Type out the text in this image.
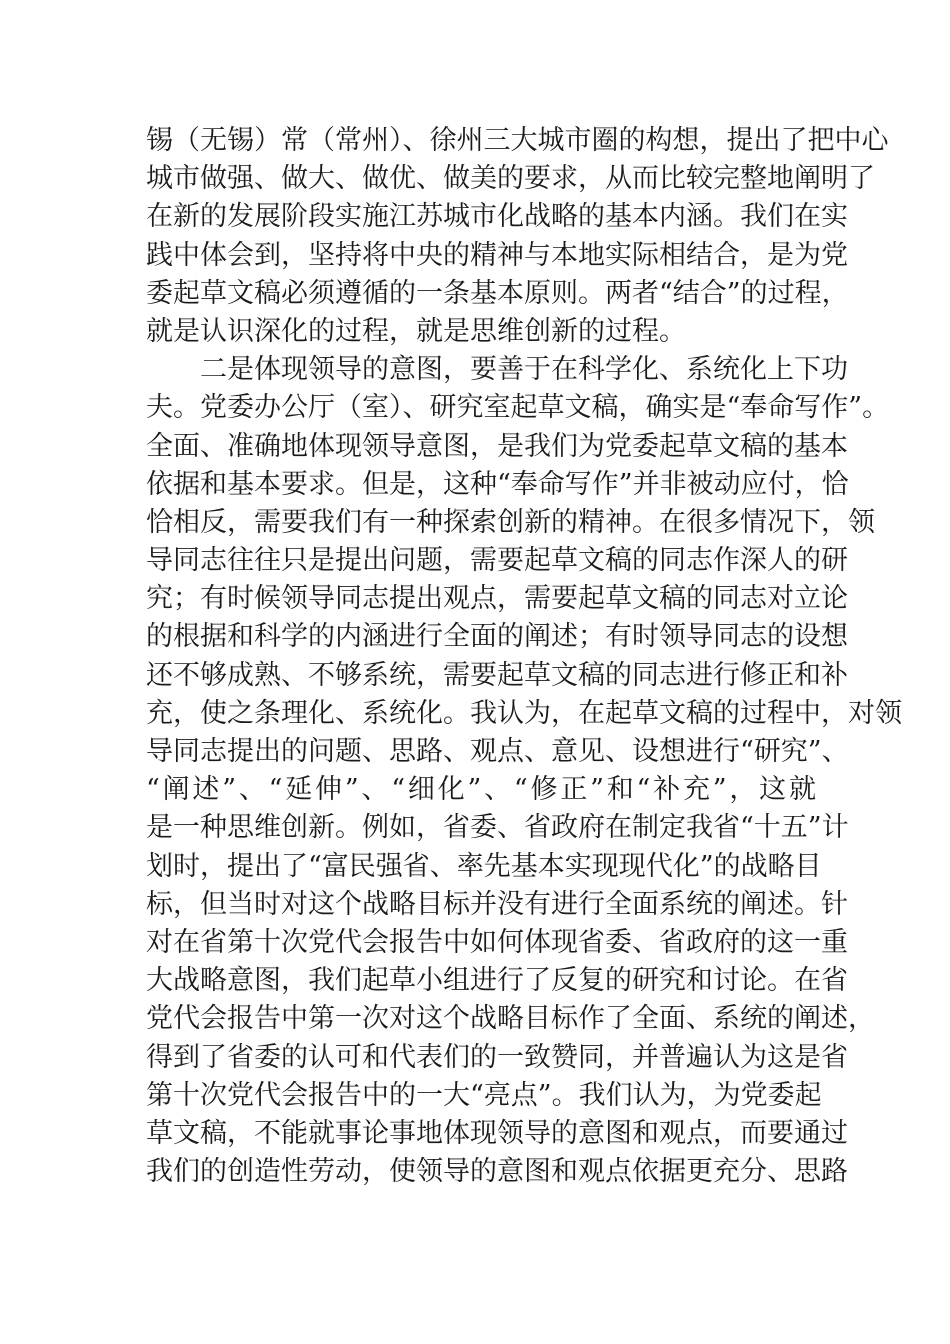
锡（无锡）常（常州）、徐州三大城市圈的构想，提出了把中心
城市做强、做大、做优、做美的要求，从而比较完整地阐明了
在新的发展阶段实施江苏城市化战略的基本内涵。我们在实
践中体会到，坚持将中央的精神与本地实际相结合，是为党
委起草文稿必须遵循的一条基本原则。两者“结合”的过程，
就是认识深化的过程，就是思维创新的过程。
二是体现领导的意图，要善于在科学化、系统化上下功
夫。党委办公厅（室）、研究室起草文稿，确实是“奉命写作”。
全面、准确地体现领导意图，是我们为党委起草文稿的基本
依据和基本要求。但是，这种“奉命写作”并非被动应付，恰
恰相反，需要我们有一种探索创新的精神。在很多情况下，领
导同志往往只是提出问题，需要起草文稿的同志作深人的研
究；有时候领导同志提出观点，需要起草文稿的同志对立论
的根据和科学的内涵进行全面的阐述；有时领导同志的设想
还不够成熟、不够系统，需要起草文稿的同志进行修正和补
充，使之条理化、系统化。我认为，在起草文稿的过程中，对领
导同志提出的问题、思路、观点、意见、设想进行“研究”、
“阐述”、“延伸”、“细化”、“修正”和“补充”，这就
是一种思维创新。例如，省委、省政府在制定我省“十五”计
划时，提出了“富民强省、率先基本实现现代化”的战略目
标，但当时对这个战略目标并没有进行全面系统的阐述。针
对在省第十次党代会报告中如何体现省委、省政府的这一重
大战略意图，我们起草小组进行了反复的研究和讨论。在省
党代会报告中第一次对这个战略目标作了全面、系统的阐述，
得到了省委的认可和代表们的一致赞同，并普遍认为这是省
第十次党代会报告中的一大“亮点”。我们认为，为党委起
草文稿，不能就事论事地体现领导的意图和观点，而要通过
我们的创造性劳动，使领导的意图和观点依据更充分、思路
